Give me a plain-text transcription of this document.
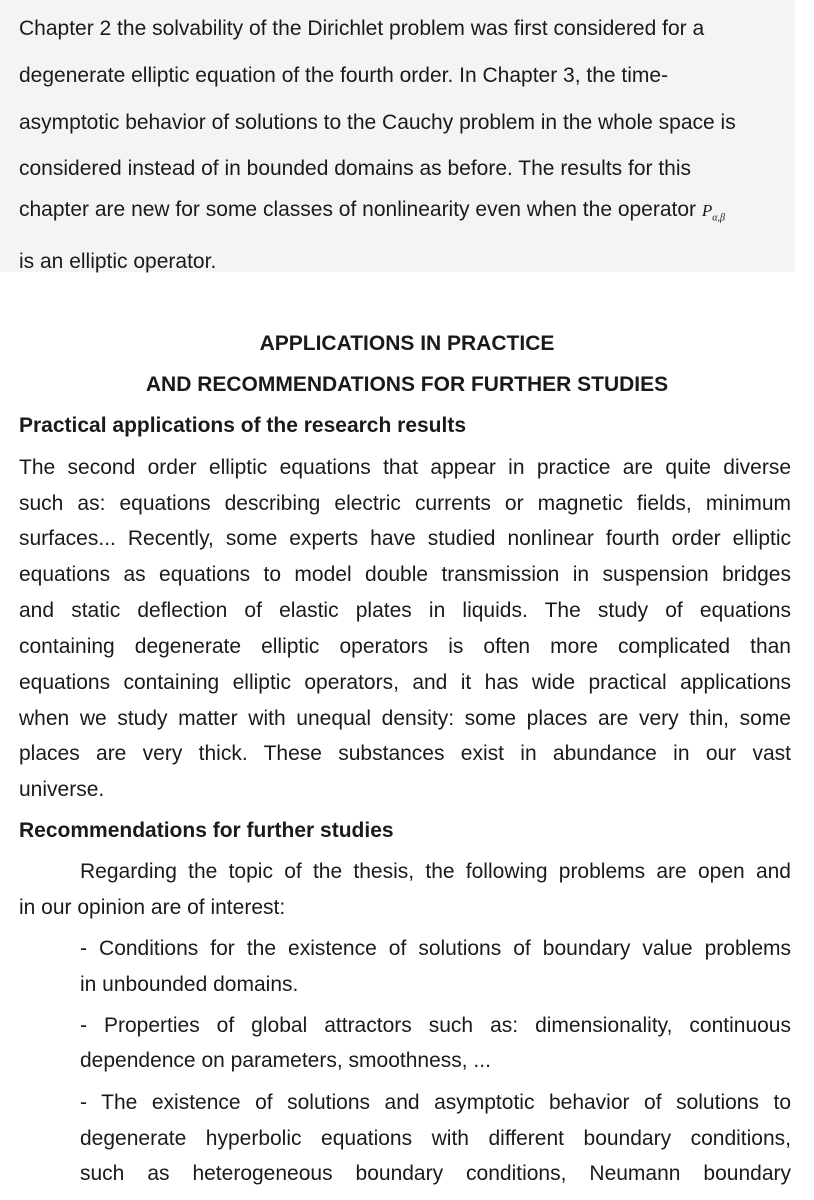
Chapter 2 the solvability of the Dirichlet problem was first considered for a
degenerate elliptic equation of the fourth order. In Chapter 3, the time-
asymptotic behavior of solutions to the Cauchy problem in the whole space is
considered instead of in bounded domains as before. The results for this
chapter are new for some classes of nonlinearity even when the operator $P_{\alpha,\beta}$
is an elliptic operator.
APPLICATIONS IN PRACTICE
AND RECOMMENDATIONS FOR FURTHER STUDIES
Practical applications of the research results
The second order elliptic equations that appear in practice are quite diverse
such as: equations describing electric currents or magnetic fields, minimum
surfaces... Recently, some experts have studied nonlinear fourth order elliptic
equations as equations to model double transmission in suspension bridges
and static deflection of elastic plates in liquids. The study of equations
containing degenerate elliptic operators is often more complicated than
equations containing elliptic operators, and it has wide practical applications
when we study matter with unequal density: some places are very thin, some
places are very thick. These substances exist in abundance in our vast
universe.
Recommendations for further studies
Regarding the topic of the thesis, the following problems are open and
in our opinion are of interest:
- Conditions for the existence of solutions of boundary value problems
in unbounded domains.
- Properties of global attractors such as: dimensionality, continuous
dependence on parameters, smoothness, ...
- The existence of solutions and asymptotic behavior of solutions to
degenerate hyperbolic equations with different boundary conditions,
such as heterogeneous boundary conditions, Neumann boundary
